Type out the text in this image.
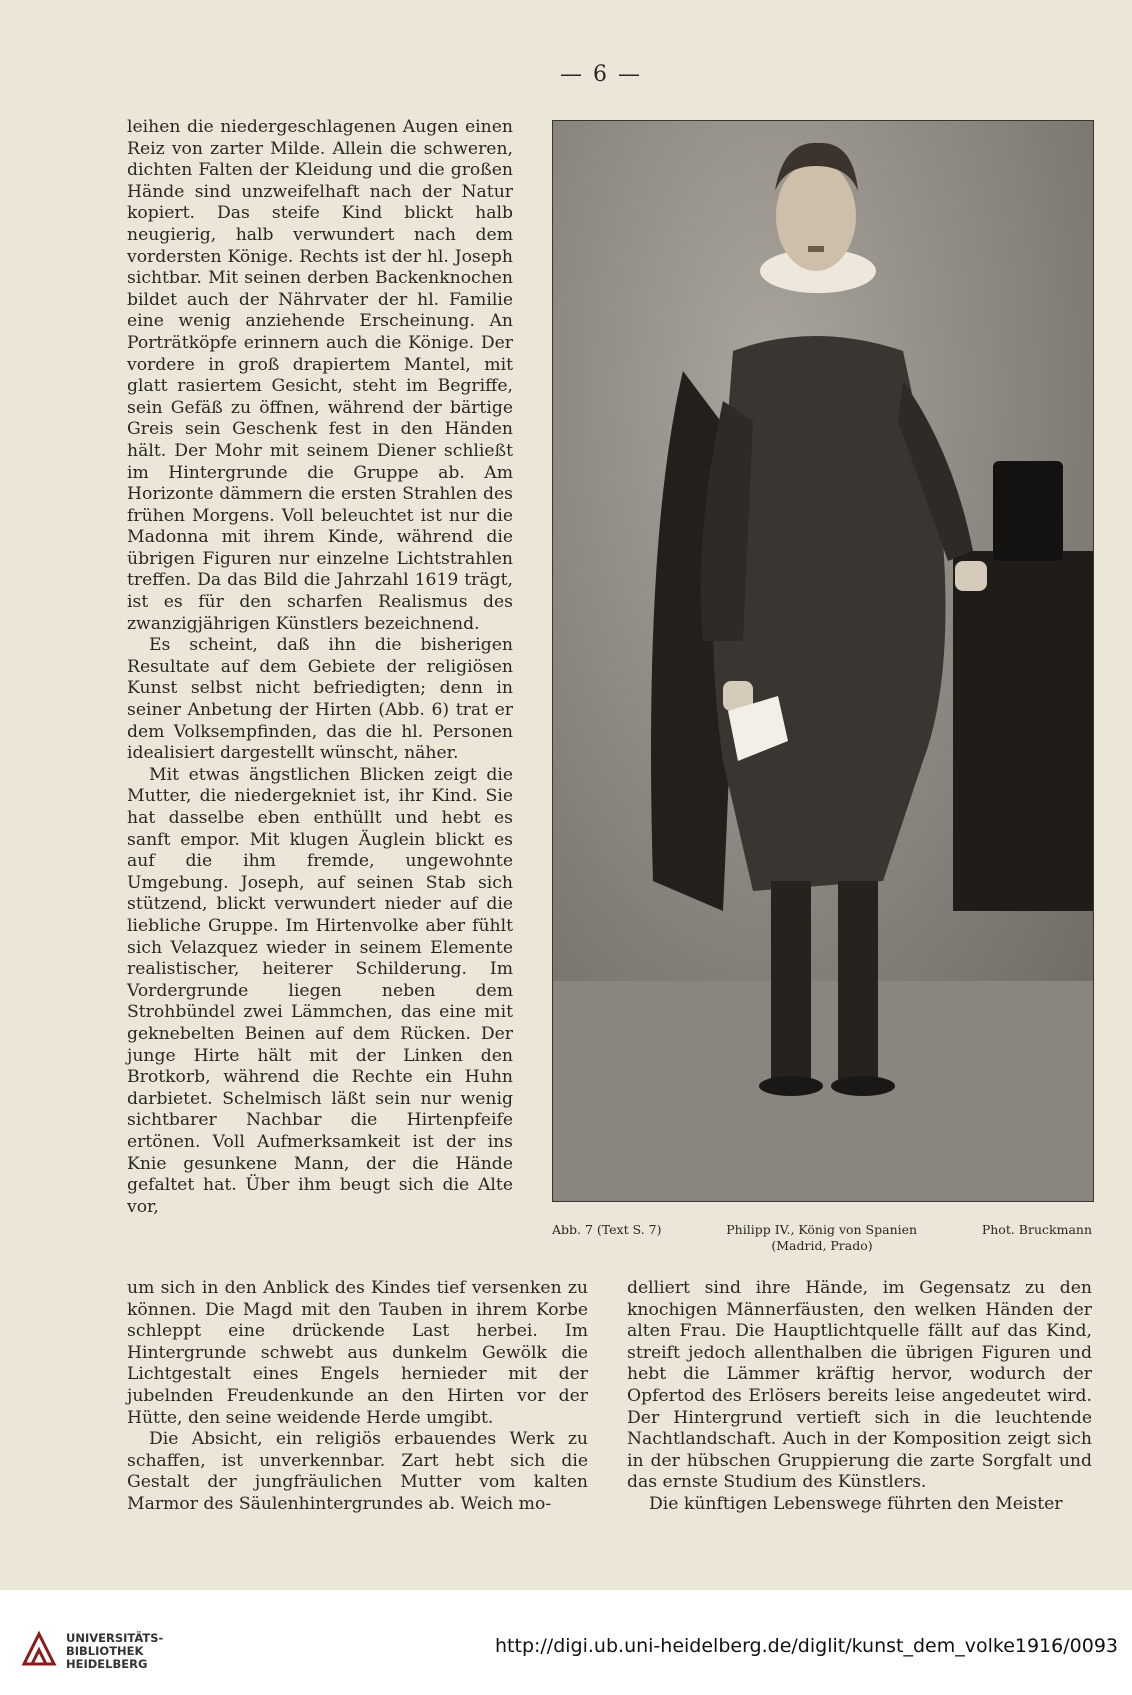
— 6 —

leihen die niedergeschlagenen Augen einen Reiz von zarter Milde. Allein die schweren, dichten Falten der Kleidung und die großen Hände sind unzweifelhaft nach der Natur kopiert. Das steife Kind blickt halb neugierig, halb verwundert nach dem vordersten Könige. Rechts ist der hl. Joseph sichtbar. Mit seinen derben Backenknochen bildet auch der Nährvater der hl. Familie eine wenig anziehende Erscheinung. An Porträtköpfe erinnern auch die Könige. Der vordere in groß drapiertem Mantel, mit glatt rasiertem Gesicht, steht im Begriffe, sein Gefäß zu öffnen, während der bärtige Greis sein Geschenk fest in den Händen hält. Der Mohr mit seinem Diener schließt im Hintergrunde die Gruppe ab. Am Horizonte dämmern die ersten Strahlen des frühen Morgens. Voll beleuchtet ist nur die Madonna mit ihrem Kinde, während die übrigen Figuren nur einzelne Lichtstrahlen treffen. Da das Bild die Jahrzahl 1619 trägt, ist es für den scharfen Realismus des zwanzigjährigen Künstlers bezeichnend.

Es scheint, daß ihn die bisherigen Resultate auf dem Gebiete der religiösen Kunst selbst nicht befriedigten; denn in seiner Anbetung der Hirten (Abb. 6) trat er dem Volksempfinden, das die hl. Personen idealisiert dargestellt wünscht, näher.

Mit etwas ängstlichen Blicken zeigt die Mutter, die niedergekniet ist, ihr Kind. Sie hat dasselbe eben enthüllt und hebt es sanft empor. Mit klugen Äuglein blickt es auf die ihm fremde, ungewohnte Umgebung. Joseph, auf seinen Stab sich stützend, blickt verwundert nieder auf die liebliche Gruppe. Im Hirtenvolke aber fühlt sich Velazquez wieder in seinem Elemente realistischer, heiterer Schilderung. Im Vordergrunde liegen neben dem Strohbündel zwei Lämmchen, das eine mit geknebelten Beinen auf dem Rücken. Der junge Hirte hält mit der Linken den Brotkorb, während die Rechte ein Huhn darbietet. Schelmisch läßt sein nur wenig sichtbarer Nachbar die Hirtenpfeife ertönen. Voll Aufmerksamkeit ist der ins Knie gesunkene Mann, der die Hände gefaltet hat. Über ihm beugt sich die Alte vor,

Abb. 7 (Text S. 7)	Philipp IV., König von Spanien	Phot. Bruckmann
(Madrid, Prado)

um sich in den Anblick des Kindes tief versenken zu können. Die Magd mit den Tauben in ihrem Korbe schleppt eine drückende Last herbei. Im Hintergrunde schwebt aus dunkelm Gewölk die Lichtgestalt eines Engels hernieder mit der jubelnden Freudenkunde an den Hirten vor der Hütte, den seine weidende Herde umgibt.

Die Absicht, ein religiös erbauendes Werk zu schaffen, ist unverkennbar. Zart hebt sich die Gestalt der jungfräulichen Mutter vom kalten Marmor des Säulenhintergrundes ab. Weich mo-

delliert sind ihre Hände, im Gegensatz zu den knochigen Männerfäusten, den welken Händen der alten Frau. Die Hauptlichtquelle fällt auf das Kind, streift jedoch allenthalben die übrigen Figuren und hebt die Lämmer kräftig hervor, wodurch der Opfertod des Erlösers bereits leise angedeutet wird. Der Hintergrund vertieft sich in die leuchtende Nachtlandschaft. Auch in der Komposition zeigt sich in der hübschen Gruppierung die zarte Sorgfalt und das ernste Studium des Künstlers.

Die künftigen Lebenswege führten den Meister

UNIVERSITÄTS-
BIBLIOTHEK
HEIDELBERG
http://digi.ub.uni-heidelberg.de/diglit/kunst_dem_volke1916/0093
